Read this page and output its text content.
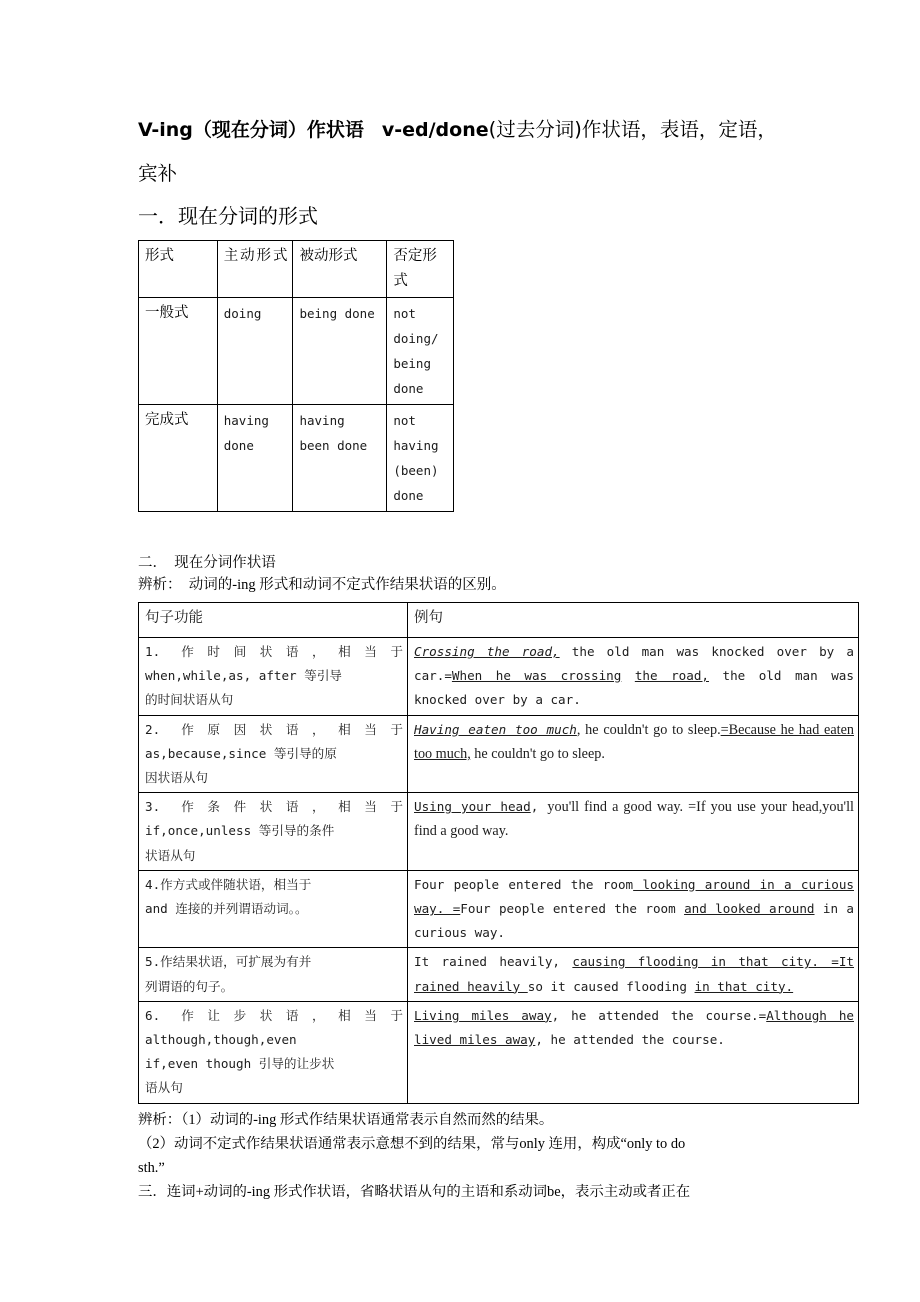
V-ing（现在分词）作状语 v-ed/done(过去分词)作状语，表语，定语，
宾补
一．现在分词的形式
形式	主动形式	被动形式	否定形式
一般式	doing	being done	not doing/ being done
完成式	having done	having been done	not having (been) done
二．　现在分词作状语
辨析：　动词的-ing 形式和动词不定式作结果状语的区别。
句子功能	例句

1. 作时间状语，相当于
when,while,as, after 等引导
的时间状语从句	Crossing the road, the old man was knocked over by a car.=When he was crossing the road, the old man was knocked over by a car.

2. 作原因状语，相当于
as,because,since 等引导的原
因状语从句	Having eaten too much, he couldn't go to sleep.=Because he had eaten too much, he couldn't go to sleep.

3. 作条件状语，相当于
if,once,unless 等引导的条件
状语从句	Using your head, you'll find a good way. =If you use your head,you'll find a good way.

4.作方式或伴随状语，相当于
and 连接的并列谓语动词。。	Four people entered the room looking around in a curious way. =Four people entered the room and looked around in a curious way.

5.作结果状语，可扩展为有并
列谓语的句子。	It rained heavily, causing flooding in that city. =It rained heavily so it caused flooding in that city.

6. 作让步状语，相当于
although,though,even
if,even though 引导的让步状
语从句	Living miles away, he attended the course.=Although he lived miles away, he attended the course.

辨析：（1）动词的-ing 形式作结果状语通常表示自然而然的结果。

（2）动词不定式作结果状语通常表示意想不到的结果，常与only 连用，构成“only to do

sth.”

三．连词+动词的-ing 形式作状语，省略状语从句的主语和系动词be，表示主动或者正在
